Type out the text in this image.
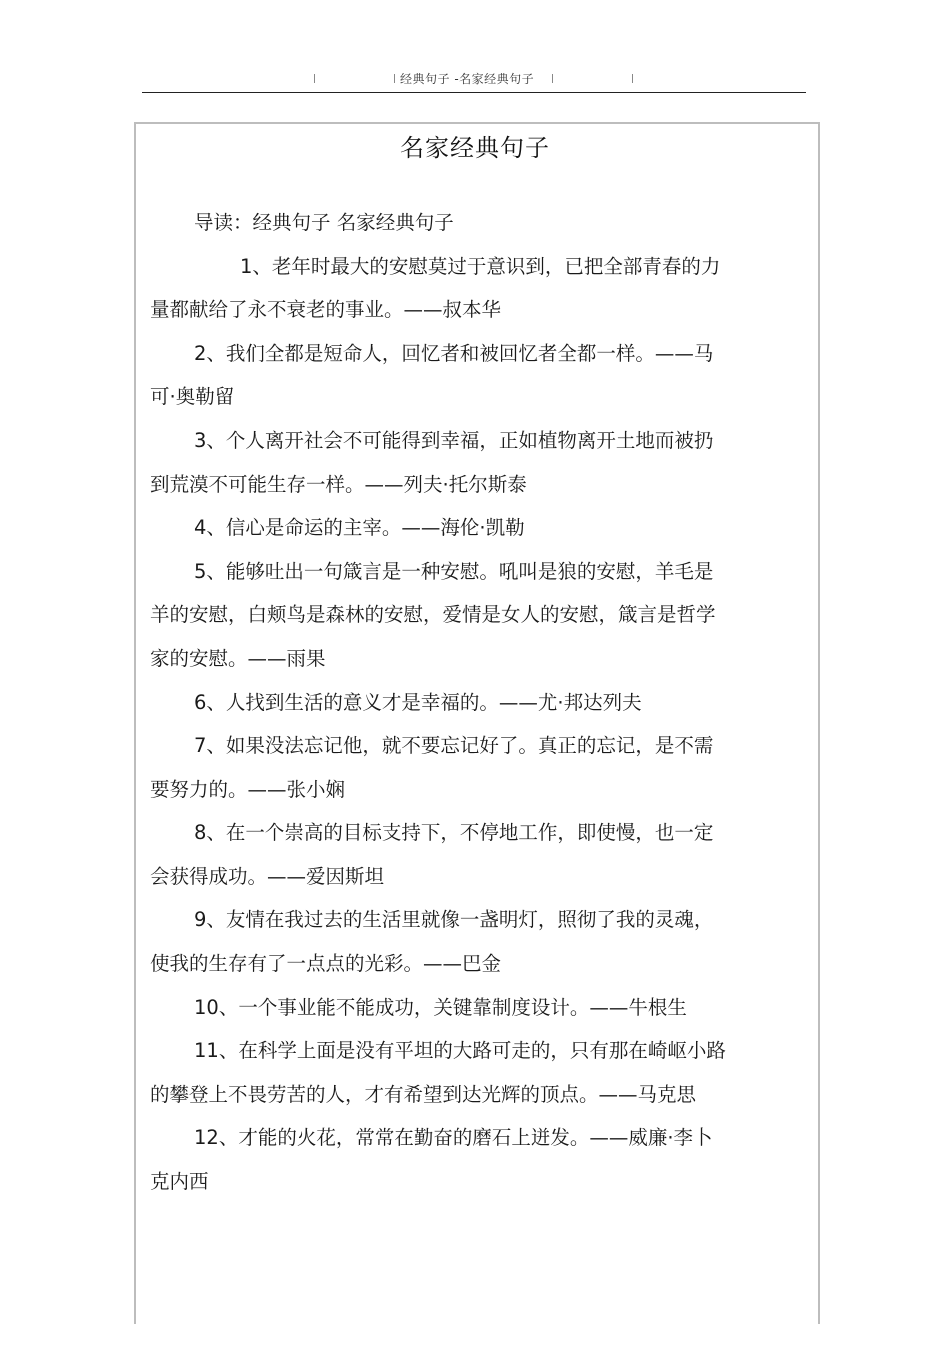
经典句子 -名家经典句子
名家经典句子
导读：经典句子 名家经典句子
1、老年时最大的安慰莫过于意识到，已把全部青春的力
量都献给了永不衰老的事业。——叔本华
2、我们全都是短命人，回忆者和被回忆者全都一样。——马
可·奥勒留
3、个人离开社会不可能得到幸福，正如植物离开土地而被扔
到荒漠不可能生存一样。——列夫·托尔斯泰
4、信心是命运的主宰。——海伦·凯勒
5、能够吐出一句箴言是一种安慰。吼叫是狼的安慰，羊毛是
羊的安慰，白颊鸟是森林的安慰，爱情是女人的安慰，箴言是哲学
家的安慰。——雨果
6、人找到生活的意义才是幸福的。——尤·邦达列夫
7、如果没法忘记他，就不要忘记好了。真正的忘记，是不需
要努力的。——张小娴
8、在一个崇高的目标支持下，不停地工作，即使慢，也一定
会获得成功。——爱因斯坦
9、友情在我过去的生活里就像一盏明灯，照彻了我的灵魂，
使我的生存有了一点点的光彩。——巴金
10、一个事业能不能成功，关键靠制度设计。——牛根生
11、在科学上面是没有平坦的大路可走的，只有那在崎岖小路
的攀登上不畏劳苦的人，才有希望到达光辉的顶点。——马克思
12、才能的火花，常常在勤奋的磨石上迸发。——威廉·李卜
克内西
